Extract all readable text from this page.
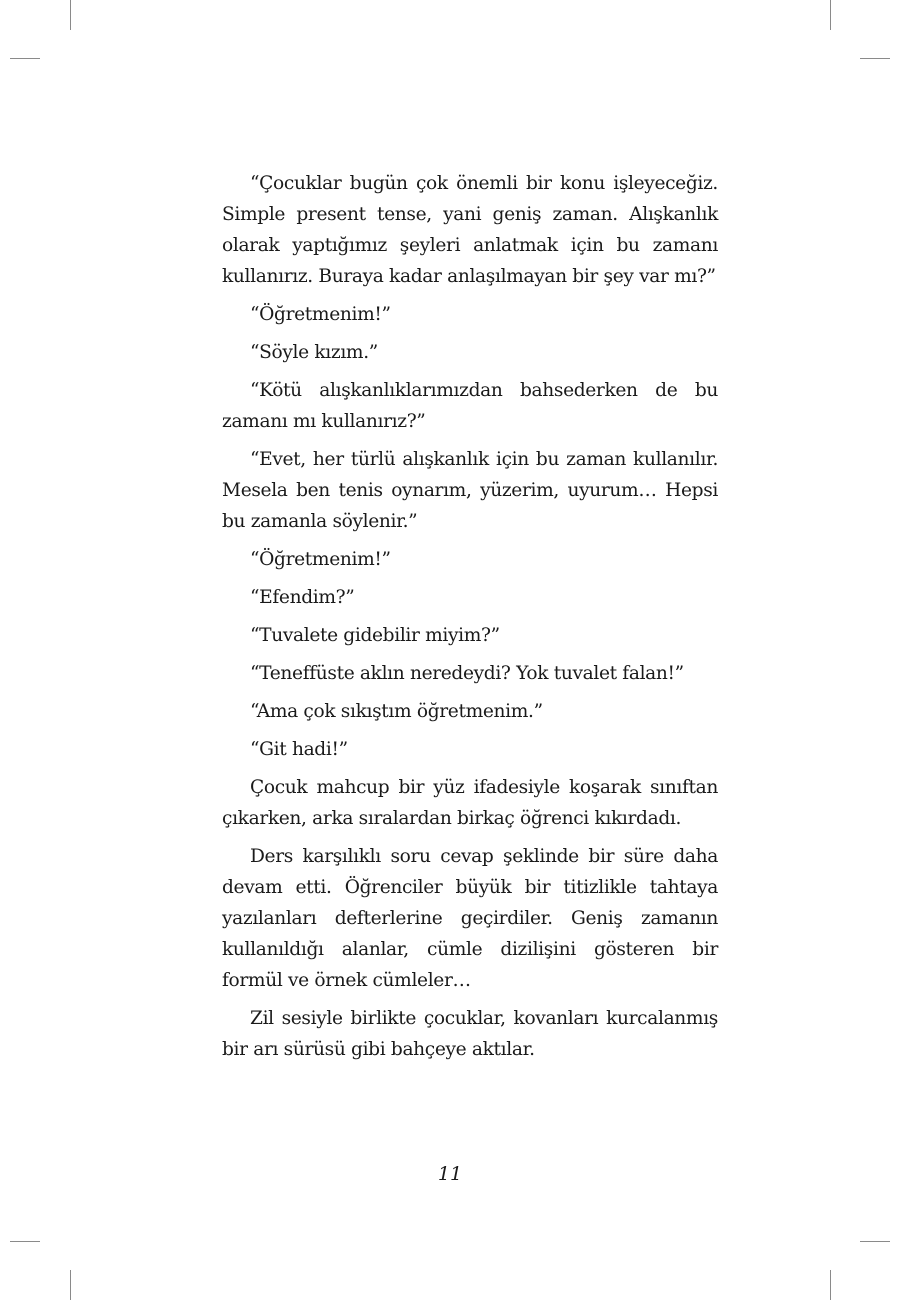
“Çocuklar bugün çok önemli bir konu işleyeceğiz. Simple present tense, yani geniş zaman. Alışkanlık olarak yaptığımız şeyleri anlatmak için bu zamanı kullanırız. Buraya kadar anlaşılmayan bir şey var mı?”

“Öğretmenim!”

“Söyle kızım.”

“Kötü alışkanlıklarımızdan bahsederken de bu zamanı mı kullanırız?”

“Evet, her türlü alışkanlık için bu zaman kullanılır. Mesela ben tenis oynarım, yüzerim, uyurum… Hepsi bu zamanla söylenir.”

“Öğretmenim!”

“Efendim?”

“Tuvalete gidebilir miyim?”

“Teneffüste aklın neredeydi? Yok tuvalet falan!”

“Ama çok sıkıştım öğretmenim.”

“Git hadi!”

Çocuk mahcup bir yüz ifadesiyle koşarak sınıftan çıkarken, arka sıralardan birkaç öğrenci kıkırdadı.

Ders karşılıklı soru cevap şeklinde bir süre daha devam etti. Öğrenciler büyük bir titizlikle tahtaya yazılanları defterlerine geçirdiler. Geniş zamanın kullanıldığı alanlar, cümle dizilişini gösteren bir formül ve örnek cümleler…

Zil sesiyle birlikte çocuklar, kovanları kurcalanmış bir arı sürüsü gibi bahçeye aktılar.

11
